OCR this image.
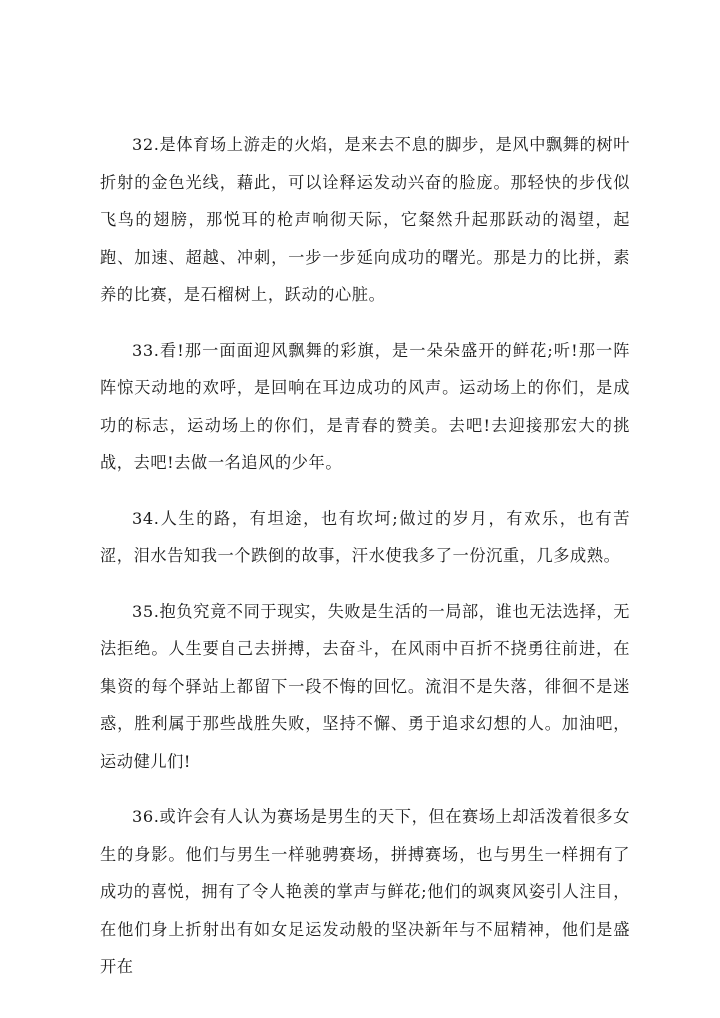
32.是体育场上游走的火焰，是来去不息的脚步，是风中飘舞的树叶折射的金色光线，藉此，可以诠释运发动兴奋的脸庞。那轻快的步伐似飞鸟的翅膀，那悦耳的枪声响彻天际，它粲然升起那跃动的渴望，起跑、加速、超越、冲刺，一步一步延向成功的曙光。那是力的比拼，素养的比赛，是石榴树上，跃动的心脏。

33.看!那一面面迎风飘舞的彩旗，是一朵朵盛开的鲜花;听!那一阵阵惊天动地的欢呼，是回响在耳边成功的风声。运动场上的你们，是成功的标志，运动场上的你们，是青春的赞美。去吧!去迎接那宏大的挑战，去吧!去做一名追风的少年。

34.人生的路，有坦途，也有坎坷;做过的岁月，有欢乐，也有苦涩，泪水告知我一个跌倒的故事，汗水使我多了一份沉重，几多成熟。

35.抱负究竟不同于现实，失败是生活的一局部，谁也无法选择，无法拒绝。人生要自己去拼搏，去奋斗，在风雨中百折不挠勇往前进，在集资的每个驿站上都留下一段不悔的回忆。流泪不是失落，徘徊不是迷惑，胜利属于那些战胜失败，坚持不懈、勇于追求幻想的人。加油吧，运动健儿们!

36.或许会有人认为赛场是男生的天下，但在赛场上却活泼着很多女生的身影。他们与男生一样驰骋赛场，拼搏赛场，也与男生一样拥有了成功的喜悦，拥有了令人艳羡的掌声与鲜花;他们的飒爽风姿引人注目，在他们身上折射出有如女足运发动般的坚决新年与不屈精神，他们是盛开在
